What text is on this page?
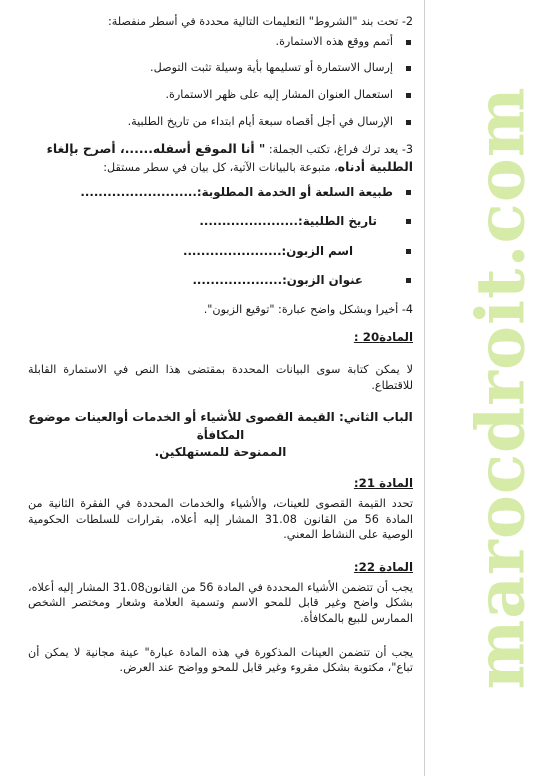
2- تحت بند "الشروط" التعليمات التالية محددة في أسطر منفصلة:
أتمم ووقع هذه الاستمارة.
إرسال الاستمارة أو تسليمها بأية وسيلة تثبت التوصل.
استعمال العنوان المشار إليه على ظهر الاستمارة.
الإرسال في أجل أقصاه سبعة أيام ابتداء من تاريخ الطلبية.
3- يعد ترك فراغ، تكتب الجملة: " أنا الموقع أسفله......، أصرح بإلغاء الطلبية أدناه، متبوعة بالبيانات الآتية، كل بيان في سطر مستقل:
طبيعة السلعة أو الخدمة المطلوبة:..........................
تاريخ الطلبية:......................
اسم الزبون:......................
عنوان الزبون:....................
4- أخيرا وبشكل واضح عبارة: "توقيع الزبون".
المادة20 :

لا يمكن كتابة سوى البيانات المحددة بمقتضى هذا النص في الاستمارة القابلة للاقتطاع.

الباب الثاني: القيمة القصوى للأشياء أو الخدمات أوالعينات موضوع المكافأة
الممنوحة للمستهلكين.
المادة 21:

تحدد القيمة القصوى للعينات، والأشياء والخدمات المحددة في الفقرة الثانية من المادة 56 من القانون 31.08 المشار إليه أعلاه، بقرارات للسلطات الحكومية الوصية على النشاط المعني.

المادة 22:

يجب أن تتضمن الأشياء المحددة في المادة 56 من القانون31.08 المشار إليه أعلاه، بشكل واضح وغير قابل للمحو الاسم وتسمية العلامة وشعار ومختصر الشخص الممارس للبيع بالمكافأة.

يجب أن تتضمن العينات المذكورة في هذه المادة عبارة" عينة مجانية لا يمكن أن تباع"، مكتوبة بشكل مقروء وغير قابل للمحو وواضح عند العرض. marocdroit.com
